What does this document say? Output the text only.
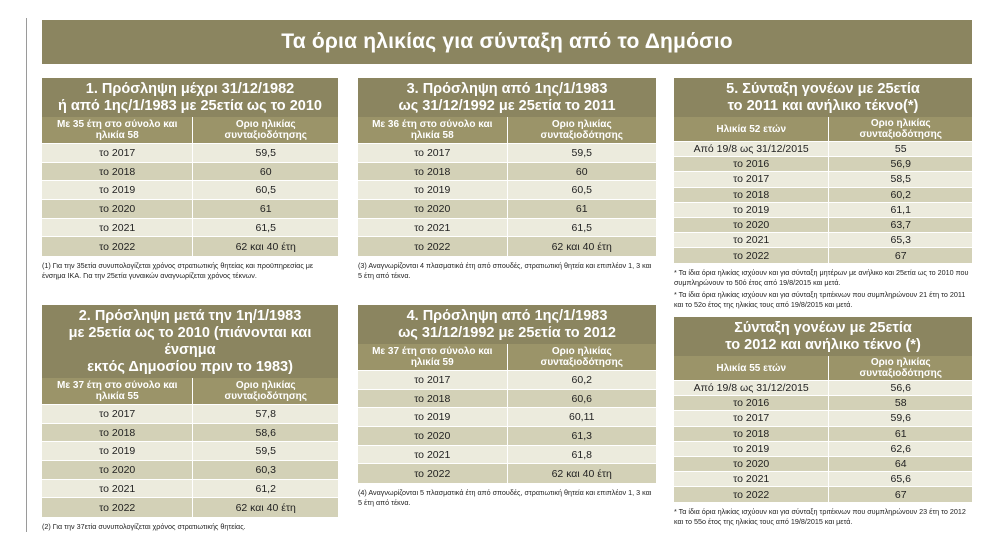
Τα όρια ηλικίας για σύνταξη από το Δημόσιο
1. Πρόσληψη μέχρι 31/12/1982
ή από 1ης/1/1983 με 25ετία ως το 2010
Με 35 έτη στο σύνολο και ηλικία 58	Οριο ηλικίας συνταξιοδότησης
το 2017	59,5
το 2018	60
το 2019	60,5
το 2020	61
το 2021	61,5
το 2022	62 και 40 έτη
(1) Για την 35ετία συνυπολογίζεται χρόνος στρατιωτικής θητείας και προϋπηρεσίας με ένσημα ΙΚΑ. Για την 25ετία γυναικών αναγνωρίζεται χρόνος τέκνων.
2. Πρόσληψη μετά την 1η/1/1983
με 25ετία ως το 2010 (πιάνονται και ένσημα
εκτός Δημοσίου πριν το 1983)
Με 37 έτη στο σύνολο και ηλικία 55	Οριο ηλικίας συνταξιοδότησης
το 2017	57,8
το 2018	58,6
το 2019	59,5
το 2020	60,3
το 2021	61,2
το 2022	62 και 40 έτη
(2) Για την 37ετία συνυπολογίζεται χρόνος στρατιωτικής θητείας.
3. Πρόσληψη από 1ης/1/1983
ως 31/12/1992 με 25ετία το 2011
Με 36 έτη στο σύνολο και ηλικία 58	Οριο ηλικίας συνταξιοδότησης
το 2017	59,5
το 2018	60
το 2019	60,5
το 2020	61
το 2021	61,5
το 2022	62 και 40 έτη
(3) Αναγνωρίζονται 4 πλασματικά έτη από σπουδές, στρατιωτική θητεία και επιπλέον 1, 3 και 5 έτη από τέκνα.
4. Πρόσληψη από 1ης/1/1983
ως 31/12/1992 με 25ετία το 2012
Με 37 έτη στο σύνολο και ηλικία 59	Οριο ηλικίας συνταξιοδότησης
το 2017	60,2
το 2018	60,6
το 2019	60,11
το 2020	61,3
το 2021	61,8
το 2022	62 και 40 έτη
(4) Αναγνωρίζονται 5 πλασματικά έτη από σπουδές, στρατιωτική θητεία και επιπλέον 1, 3 και 5 έτη από τέκνα.
5. Σύνταξη γονέων με 25ετία
το 2011 και ανήλικο τέκνο(*)
Ηλικία 52 ετών	Οριο ηλικίας συνταξιοδότησης
Από 19/8 ως 31/12/2015	55
το 2016	56,9
το 2017	58,5
το 2018	60,2
το 2019	61,1
το 2020	63,7
το 2021	65,3
το 2022	67
* Τα ίδια όρια ηλικίας ισχύουν και για σύνταξη μητέρων με ανήλικο και 25ετία ως το 2010 που συμπληρώνουν το 50ό έτος από 19/8/2015 και μετά.
* Τα ίδια όρια ηλικίας ισχύουν και για σύνταξη τριτέκνων που συμπληρώνουν 21 έτη το 2011 και το 52ο έτος της ηλικίας τους από 19/8/2015 και μετά.
Σύνταξη γονέων με 25ετία
το 2012 και ανήλικο τέκνο (*)
Ηλικία 55 ετών	Οριο ηλικίας συνταξιοδότησης
Από 19/8 ως 31/12/2015	56,6
το 2016	58
το 2017	59,6
το 2018	61
το 2019	62,6
το 2020	64
το 2021	65,6
το 2022	67
* Τα ίδια όρια ηλικίας ισχύουν και για σύνταξη τριτέκνων που συμπληρώνουν 23 έτη το 2012 και το 55ο έτος της ηλικίας τους από 19/8/2015 και μετά.
